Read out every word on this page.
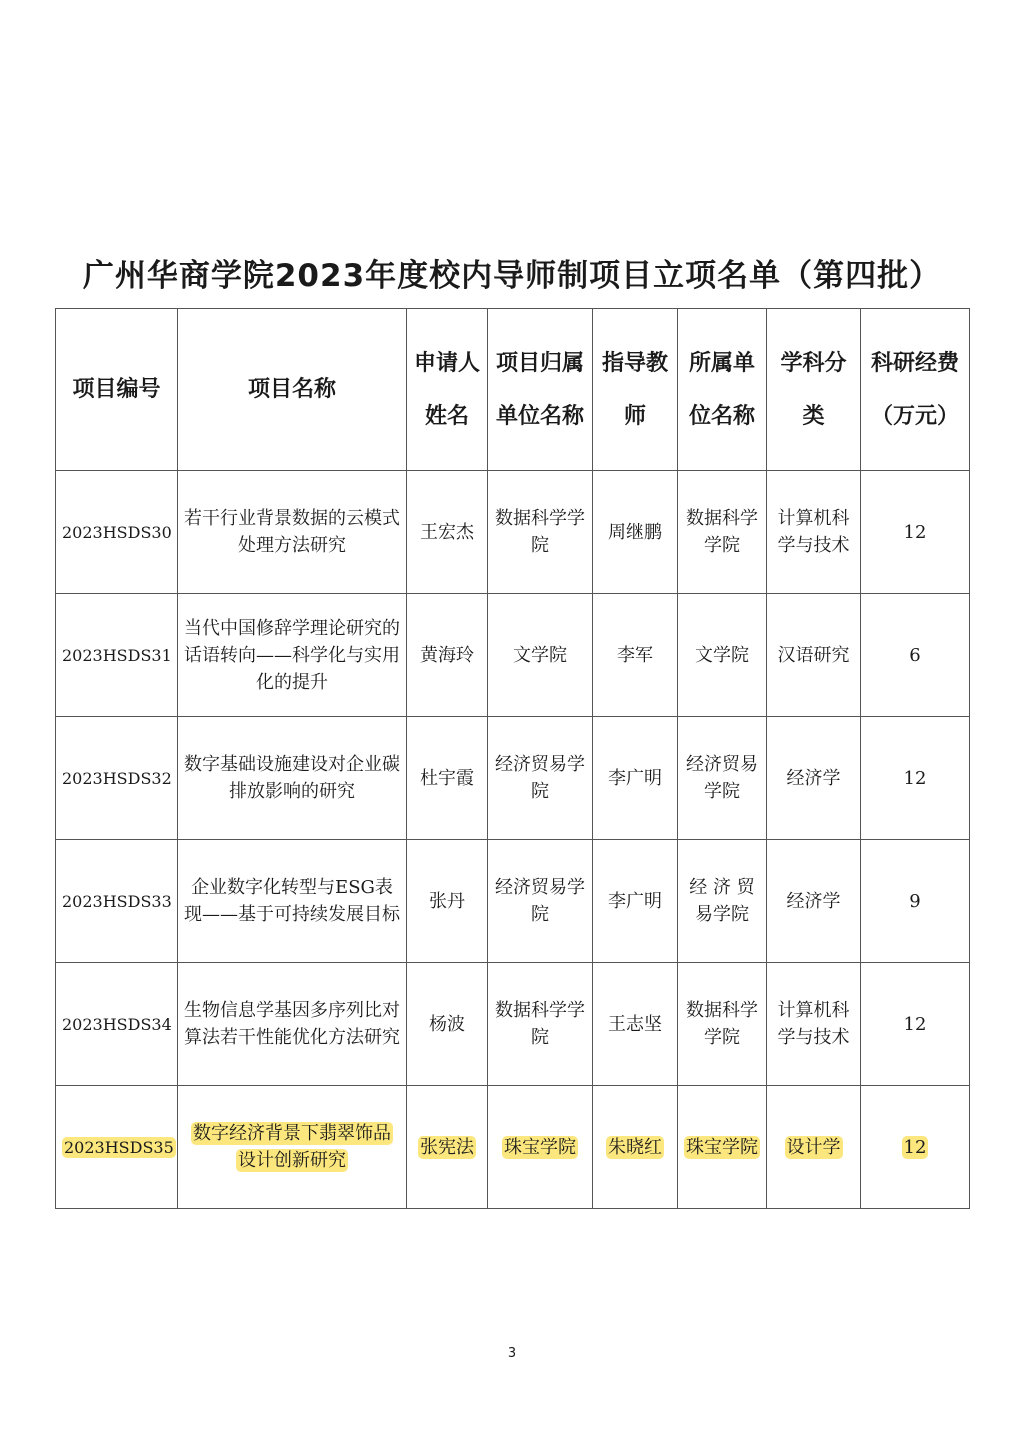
广州华商学院2023年度校内导师制项目立项名单（第四批）
项目编号	项目名称	申请人姓名	项目归属单位名称	指导教师	所属单位名称	学科分类	科研经费（万元）
2023HSDS30	若干行业背景数据的云模式处理方法研究	王宏杰	数据科学学院	周继鹏	数据科学学院	计算机科学与技术	12
2023HSDS31	当代中国修辞学理论研究的话语转向——科学化与实用化的提升	黄海玲	文学院	李军	文学院	汉语研究	6
2023HSDS32	数字基础设施建设对企业碳排放影响的研究	杜宇霞	经济贸易学院	李广明	经济贸易学院	经济学	12
2023HSDS33	企业数字化转型与ESG表现——基于可持续发展目标	张丹	经济贸易学院	李广明	经 济 贸 易学院	经济学	9
2023HSDS34	生物信息学基因多序列比对算法若干性能优化方法研究	杨波	数据科学学院	王志坚	数据科学学院	计算机科学与技术	12
2023HSDS35	数字经济背景下翡翠饰品设计创新研究	张宪法	珠宝学院	朱晓红	珠宝学院	设计学	12
3
